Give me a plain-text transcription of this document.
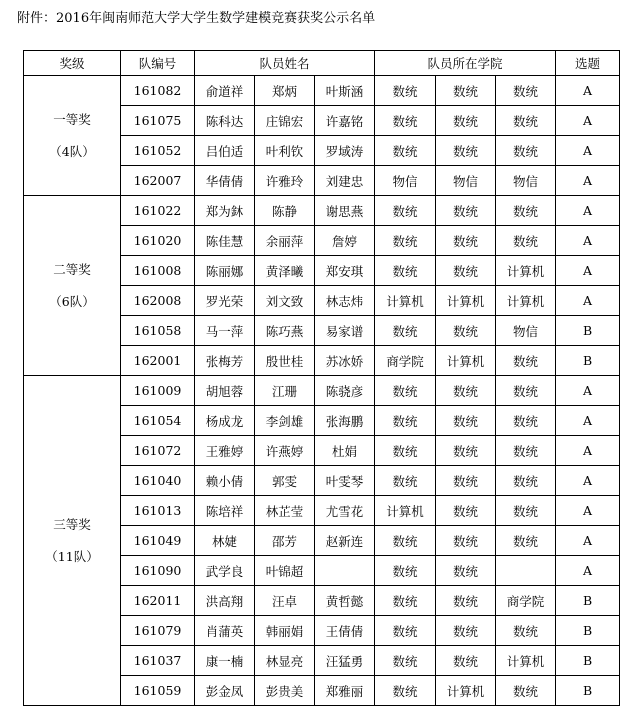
附件：2016年闽南师范大学大学生数学建模竞赛获奖公示名单
奖级	队编号	队员姓名			队员所在学院			选题
一等奖

（4队）	161082	俞道祥	郑炳	叶斯涵	数统	数统	数统	A
	161075	陈科达	庄锦宏	许嘉铭	数统	数统	数统	A
	161052	吕伯适	叶利钦	罗域涛	数统	数统	数统	A
	162007	华倩倩	许雅玲	刘建忠	物信	物信	物信	A
二等奖

（6队）	161022	郑为鈢	陈静	谢思燕	数统	数统	数统	A
	161020	陈佳慧	余丽萍	詹婷	数统	数统	数统	A
	161008	陈丽娜	黄泽曦	郑安琪	数统	数统	计算机	A
	162008	罗光荣	刘文致	林志炜	计算机	计算机	计算机	A
	161058	马一萍	陈巧燕	易家谱	数统	数统	物信	B
	162001	张梅芳	殷世桂	苏冰娇	商学院	计算机	数统	B
三等奖

（11队）	161009	胡旭蓉	江珊	陈骁彦	数统	数统	数统	A
	161054	杨成龙	李剑雄	张海鹏	数统	数统	数统	A
	161072	王雅婷	许燕婷	杜娟	数统	数统	数统	A
	161040	赖小倩	郭雯	叶雯琴	数统	数统	数统	A
	161013	陈培祥	林芷莹	尤雪花	计算机	数统	数统	A
	161049	林婕	邵芳	赵新连	数统	数统	数统	A
	161090	武学良	叶锦超		数统	数统		A
	162011	洪高翔	汪卓	黄哲懿	数统	数统	商学院	B
	161079	肖蒲英	韩丽娟	王倩倩	数统	数统	数统	B
	161037	康一楠	林显亮	汪猛勇	数统	数统	计算机	B
	161059	彭金凤	彭贵美	郑雅丽	数统	计算机	数统	B
